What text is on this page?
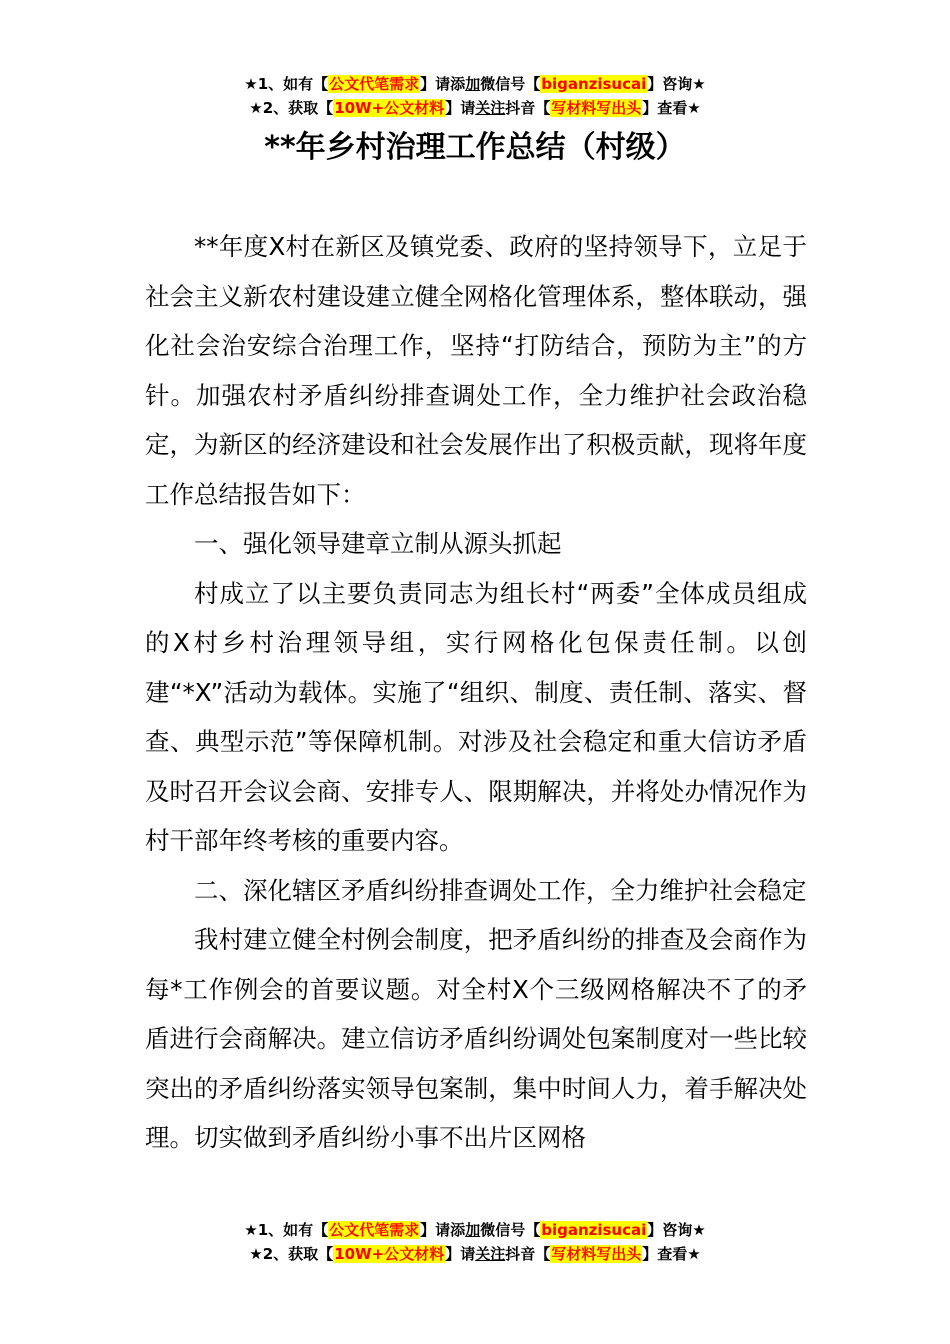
★1、如有【公文代笔需求】请添加微信号【biganzisucai】咨询★
★2、获取【10W+公文材料】请关注抖音【写材料写出头】查看★
**年乡村治理工作总结（村级）

**年度X村在新区及镇党委、政府的坚持领导下，立足于社会主义新农村建设建立健全网格化管理体系，整体联动，强化社会治安综合治理工作，坚持“打防结合，预防为主”的方针。加强农村矛盾纠纷排查调处工作，全力维护社会政治稳定，为新区的经济建设和社会发展作出了积极贡献，现将年度工作总结报告如下：

一、强化领导建章立制从源头抓起

村成立了以主要负责同志为组长村“两委”全体成员组成的X村乡村治理领导组，实行网格化包保责任制。以创建“*X”活动为载体。实施了“组织、制度、责任制、落实、督查、典型示范”等保障机制。对涉及社会稳定和重大信访矛盾及时召开会议会商、安排专人、限期解决，并将处办情况作为村干部年终考核的重要内容。

二、深化辖区矛盾纠纷排查调处工作，全力维护社会稳定

我村建立健全村例会制度，把矛盾纠纷的排查及会商作为每*工作例会的首要议题。对全村X个三级网格解决不了的矛盾进行会商解决。建立信访矛盾纠纷调处包案制度对一些比较突出的矛盾纠纷落实领导包案制，集中时间人力，着手解决处理。切实做到矛盾纠纷小事不出片区网格

★1、如有【公文代笔需求】请添加微信号【biganzisucai】咨询★
★2、获取【10W+公文材料】请关注抖音【写材料写出头】查看★
